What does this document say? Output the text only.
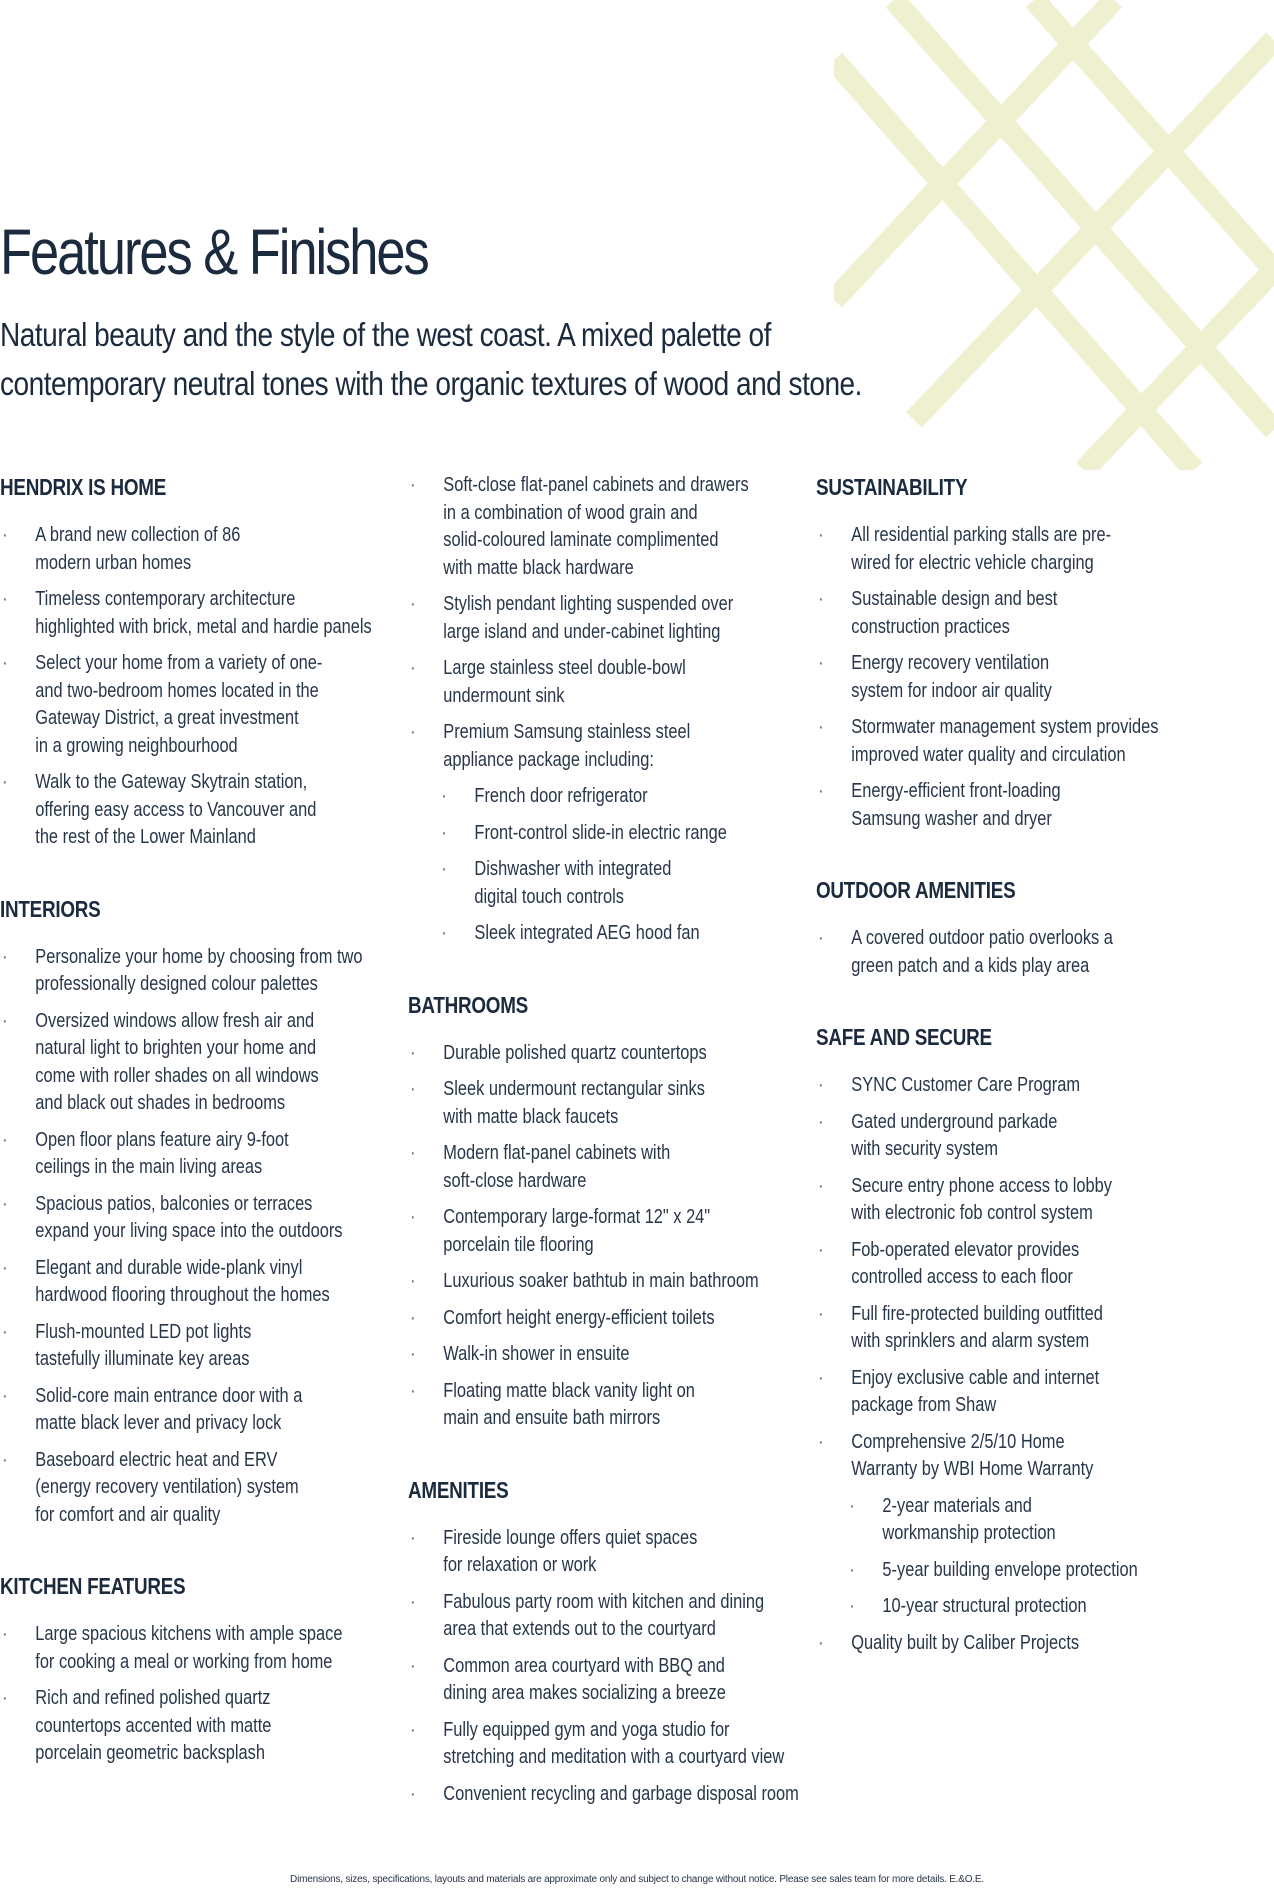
Features & Finishes

Natural beauty and the style of the west coast. A mixed palette of
contemporary neutral tones with the organic textures of wood and stone.

HENDRIX IS HOME
· A brand new collection of 86
modern urban homes
· Timeless contemporary architecture
highlighted with brick, metal and hardie panels
· Select your home from a variety of one-
and two-bedroom homes located in the
Gateway District, a great investment
in a growing neighbourhood
· Walk to the Gateway Skytrain station,
offering easy access to Vancouver and
the rest of the Lower Mainland
INTERIORS
· Personalize your home by choosing from two
professionally designed colour palettes
· Oversized windows allow fresh air and
natural light to brighten your home and
come with roller shades on all windows
and black out shades in bedrooms
· Open floor plans feature airy 9-foot
ceilings in the main living areas
· Spacious patios, balconies or terraces
expand your living space into the outdoors
· Elegant and durable wide-plank vinyl
hardwood flooring throughout the homes
· Flush-mounted LED pot lights
tastefully illuminate key areas
· Solid-core main entrance door with a
matte black lever and privacy lock
· Baseboard electric heat and ERV
(energy recovery ventilation) system
for comfort and air quality
KITCHEN FEATURES
· Large spacious kitchens with ample space
for cooking a meal or working from home
· Rich and refined polished quartz
countertops accented with matte
porcelain geometric backsplash
· Soft-close flat-panel cabinets and drawers
in a combination of wood grain and
solid-coloured laminate complimented
with matte black hardware
· Stylish pendant lighting suspended over
large island and under-cabinet lighting
· Large stainless steel double-bowl
undermount sink
· Premium Samsung stainless steel
appliance package including:
· French door refrigerator
· Front-control slide-in electric range
· Dishwasher with integrated
digital touch controls
· Sleek integrated AEG hood fan
BATHROOMS
· Durable polished quartz countertops
· Sleek undermount rectangular sinks
with matte black faucets
· Modern flat-panel cabinets with
soft-close hardware
· Contemporary large-format 12" x 24"
porcelain tile flooring
· Luxurious soaker bathtub in main bathroom
· Comfort height energy-efficient toilets
· Walk-in shower in ensuite
· Floating matte black vanity light on
main and ensuite bath mirrors
AMENITIES
· Fireside lounge offers quiet spaces
for relaxation or work
· Fabulous party room with kitchen and dining
area that extends out to the courtyard
· Common area courtyard with BBQ and
dining area makes socializing a breeze
· Fully equipped gym and yoga studio for
stretching and meditation with a courtyard view
· Convenient recycling and garbage disposal room
SUSTAINABILITY
· All residential parking stalls are pre-
wired for electric vehicle charging
· Sustainable design and best
construction practices
· Energy recovery ventilation
system for indoor air quality
· Stormwater management system provides
improved water quality and circulation
· Energy-efficient front-loading
Samsung washer and dryer
OUTDOOR AMENITIES
· A covered outdoor patio overlooks a
green patch and a kids play area
SAFE AND SECURE
· SYNC Customer Care Program
· Gated underground parkade
with security system
· Secure entry phone access to lobby
with electronic fob control system
· Fob-operated elevator provides
controlled access to each floor
· Full fire-protected building outfitted
with sprinklers and alarm system
· Enjoy exclusive cable and internet
package from Shaw
· Comprehensive 2/5/10 Home
Warranty by WBI Home Warranty
· 2-year materials and
workmanship protection
· 5-year building envelope protection
· 10-year structural protection
· Quality built by Caliber Projects
Dimensions, sizes, specifications, layouts and materials are approximate only and subject to change without notice. Please see sales team for more details. E.&O.E.
